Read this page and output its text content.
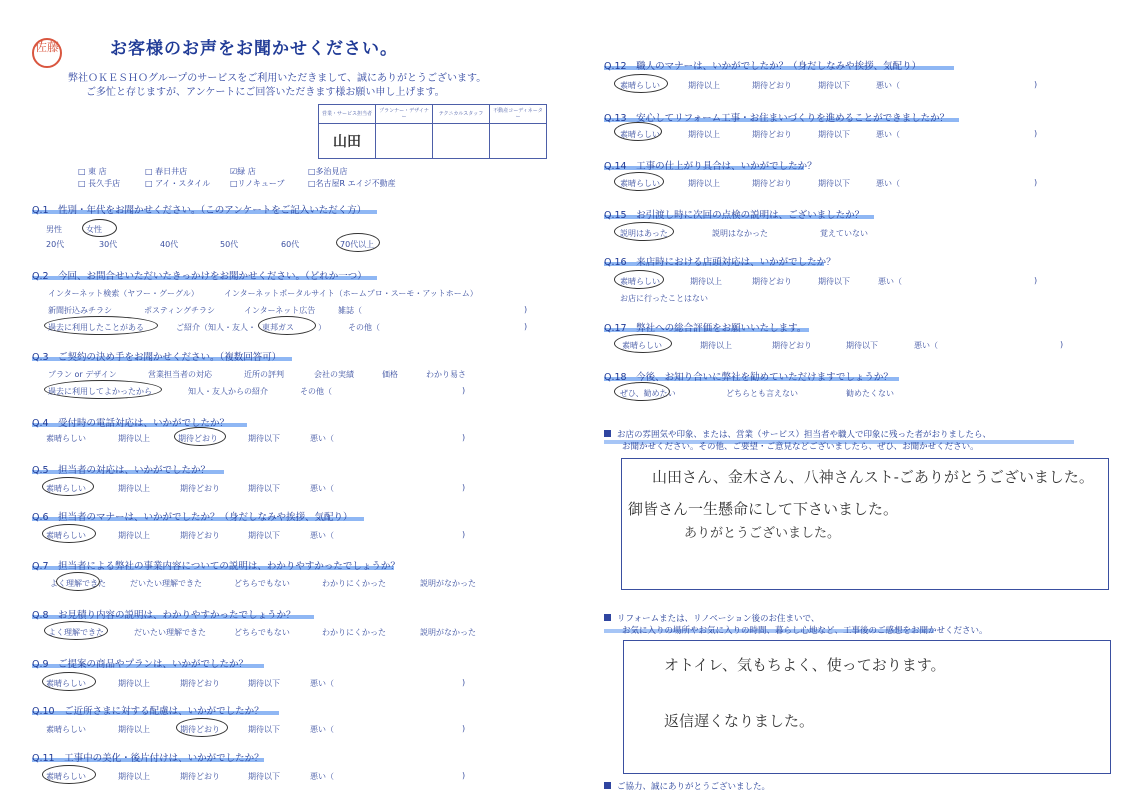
佐藤	お客様のお声をお聞かせください。
弊社ＯＫＥＳＨＯグループのサービスをご利用いただきまして、誠にありがとうございます。
ご多忙と存じますが、アンケートにご回答いただきます様お願い申し上げます。
営業・サービス担当者	プランナー・デザイナー	テクニカルスタッフ	不動産コーディネーター
山田			
□ 東 店	□ 春日井店	☑緑 店	□多治見店
□ 長久手店	□ アイ・スタイル □リノキューブ	□名古屋R エイジ不動産
Q.1　性別・年代をお聞かせください。（このアンケートをご記入いただく方）
男性	女性
20代	30代	40代	50代	60代	70代以上
Q.2　今回、お問合せいただいたきっかけをお聞かせください。（どれか一つ）
インターネット検索（ヤフー・グーグル）	インターネットポータルサイト（ホームプロ・スーモ・アットホーム）
新聞折込みチラシ	ポスティングチラシ	インターネット広告	雑誌（	)
過去に利用したことがある	ご紹介（知人・友人・ 東邦ガス	）	その他（	)
Q.3　ご契約の決め手をお聞かせください。（複数回答可）
プラン or デザイン	営業担当者の対応	近所の評判	会社の実績	価格	わかり易さ
過去に利用してよかったから	知人・友人からの紹介	その他（	)
Q.4　受付時の電話対応は、いかがでしたか？
素晴らしい	期待以上	期待どおり	期待以下	悪い（	)
Q.5　担当者の対応は、いかがでしたか？
素晴らしい	期待以上	期待どおり	期待以下	悪い（	)
Q.6　担当者のマナーは、いかがでしたか？（身だしなみや挨拶、気配り）
素晴らしい	期待以上	期待どおり	期待以下	悪い（	)
Q.7　担当者による弊社の事業内容についての説明は、わかりやすかったでしょうか？
よく理解できた	だいたい理解できた	どちらでもない	わかりにくかった	説明がなかった
Q.8　お見積り内容の説明は、わかりやすかったでしょうか？
よく理解できた	だいたい理解できた	どちらでもない	わかりにくかった	説明がなかった
Q.9　ご提案の商品やプランは、いかがでしたか？
素晴らしい	期待以上	期待どおり	期待以下	悪い（	)
Q.10　ご近所さまに対する配慮は、いかがでしたか？
素晴らしい	期待以上	期待どおり	期待以下	悪い（	)
Q.11　工事中の美化・後片付けは、いかがでしたか？
素晴らしい	期待以上	期待どおり	期待以下	悪い（	)
Q.12　職人のマナーは、いかがでしたか？（身だしなみや挨拶、気配り）
素晴らしい	期待以上	期待どおり	期待以下	悪い（	)
Q.13　安心してリフォーム工事・お住まいづくりを進めることができましたか？
素晴らしい	期待以上	期待どおり	期待以下	悪い（	)
Q.14　工事の仕上がり具合は、いかがでしたか？
素晴らしい	期待以上	期待どおり	期待以下	悪い（	)
Q.15　お引渡し時に次回の点検の説明は、ございましたか？
説明はあった	説明はなかった	覚えていない
Q.16　来店時における店頭対応は、いかがでしたか？
素晴らしい	期待以上	期待どおり	期待以下	悪い（	)
お店に行ったことはない
Q.17　弊社への総合評価をお願いいたします。
素晴らしい	期待以上	期待どおり	期待以下	悪い（	)
Q.18　今後、お知り合いに弊社を勧めていただけますでしょうか？
ぜひ、勧めたい	どちらとも言えない	勧めたくない
お店の雰囲気や印象、または、営業（サービス）担当者や職人で印象に残った者がおりましたら、
お聞かせください。その他、ご要望・ご意見などございましたら、ぜひ、お聞かせください。
山田さん、金木さん、八神さんスト-ごありがとうございました。
御皆さん一生懸命にして下さいました。
ありがとうございました。
リフォームまたは、リノベーション後のお住まいで、
お気に入りの場所やお気に入りの時間、暮らし心地など、工事後のご感想をお聞かせください。
オトイレ、気もちよく、使っております。
返信遅くなりました。
ご協力、誠にありがとうございました。
